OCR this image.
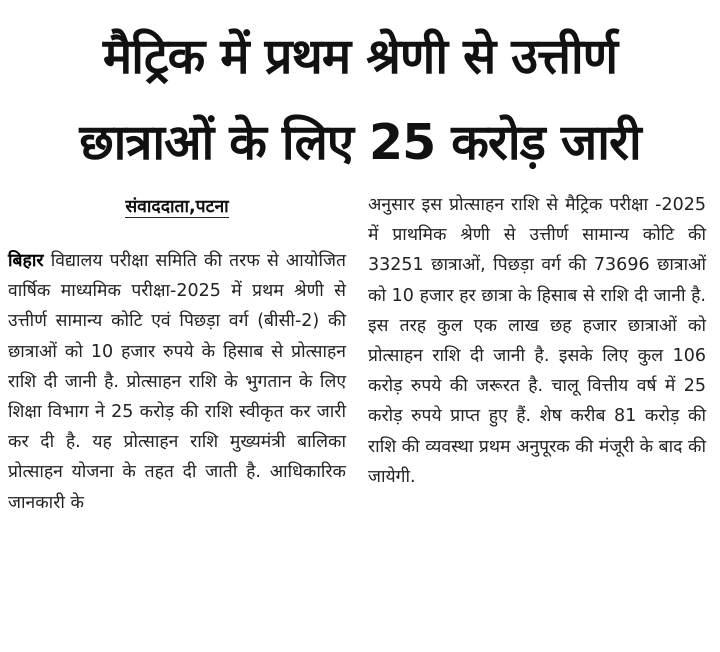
मैट्रिक में प्रथम श्रेणी से उत्तीर्ण
छात्राओं के लिए 25 करोड़ जारी
संवाददाता,पटना

बिहार विद्यालय परीक्षा समिति की तरफ से आयोजित वार्षिक माध्यमिक परीक्षा-2025 में प्रथम श्रेणी से उत्तीर्ण सामान्य कोटि एवं पिछड़ा वर्ग (बीसी-2) की छात्राओं को 10 हजार रुपये के हिसाब से प्रोत्साहन राशि दी जानी है. प्रोत्साहन राशि के भुगतान के लिए शिक्षा विभाग ने 25 करोड़ की राशि स्वीकृत कर जारी कर दी है. यह प्रोत्साहन राशि मुख्यमंत्री बालिका प्रोत्साहन योजना के तहत दी जाती है. आधिकारिक जानकारी के

अनुसार इस प्रोत्साहन राशि से मैट्रिक परीक्षा -2025 में प्राथमिक श्रेणी से उत्तीर्ण सामान्य कोटि की 33251 छात्राओं, पिछड़ा वर्ग की 73696 छात्राओं को 10 हजार हर छात्रा के हिसाब से राशि दी जानी है. इस तरह कुल एक लाख छह हजार छात्राओं को प्रोत्साहन राशि दी जानी है. इसके लिए कुल 106 करोड़ रुपये की जरूरत है. चालू वित्तीय वर्ष में 25 करोड़ रुपये प्राप्त हुए हैं. शेष करीब 81 करोड़ की राशि की व्यवस्था प्रथम अनुपूरक की मंजूरी के बाद की जायेगी.
